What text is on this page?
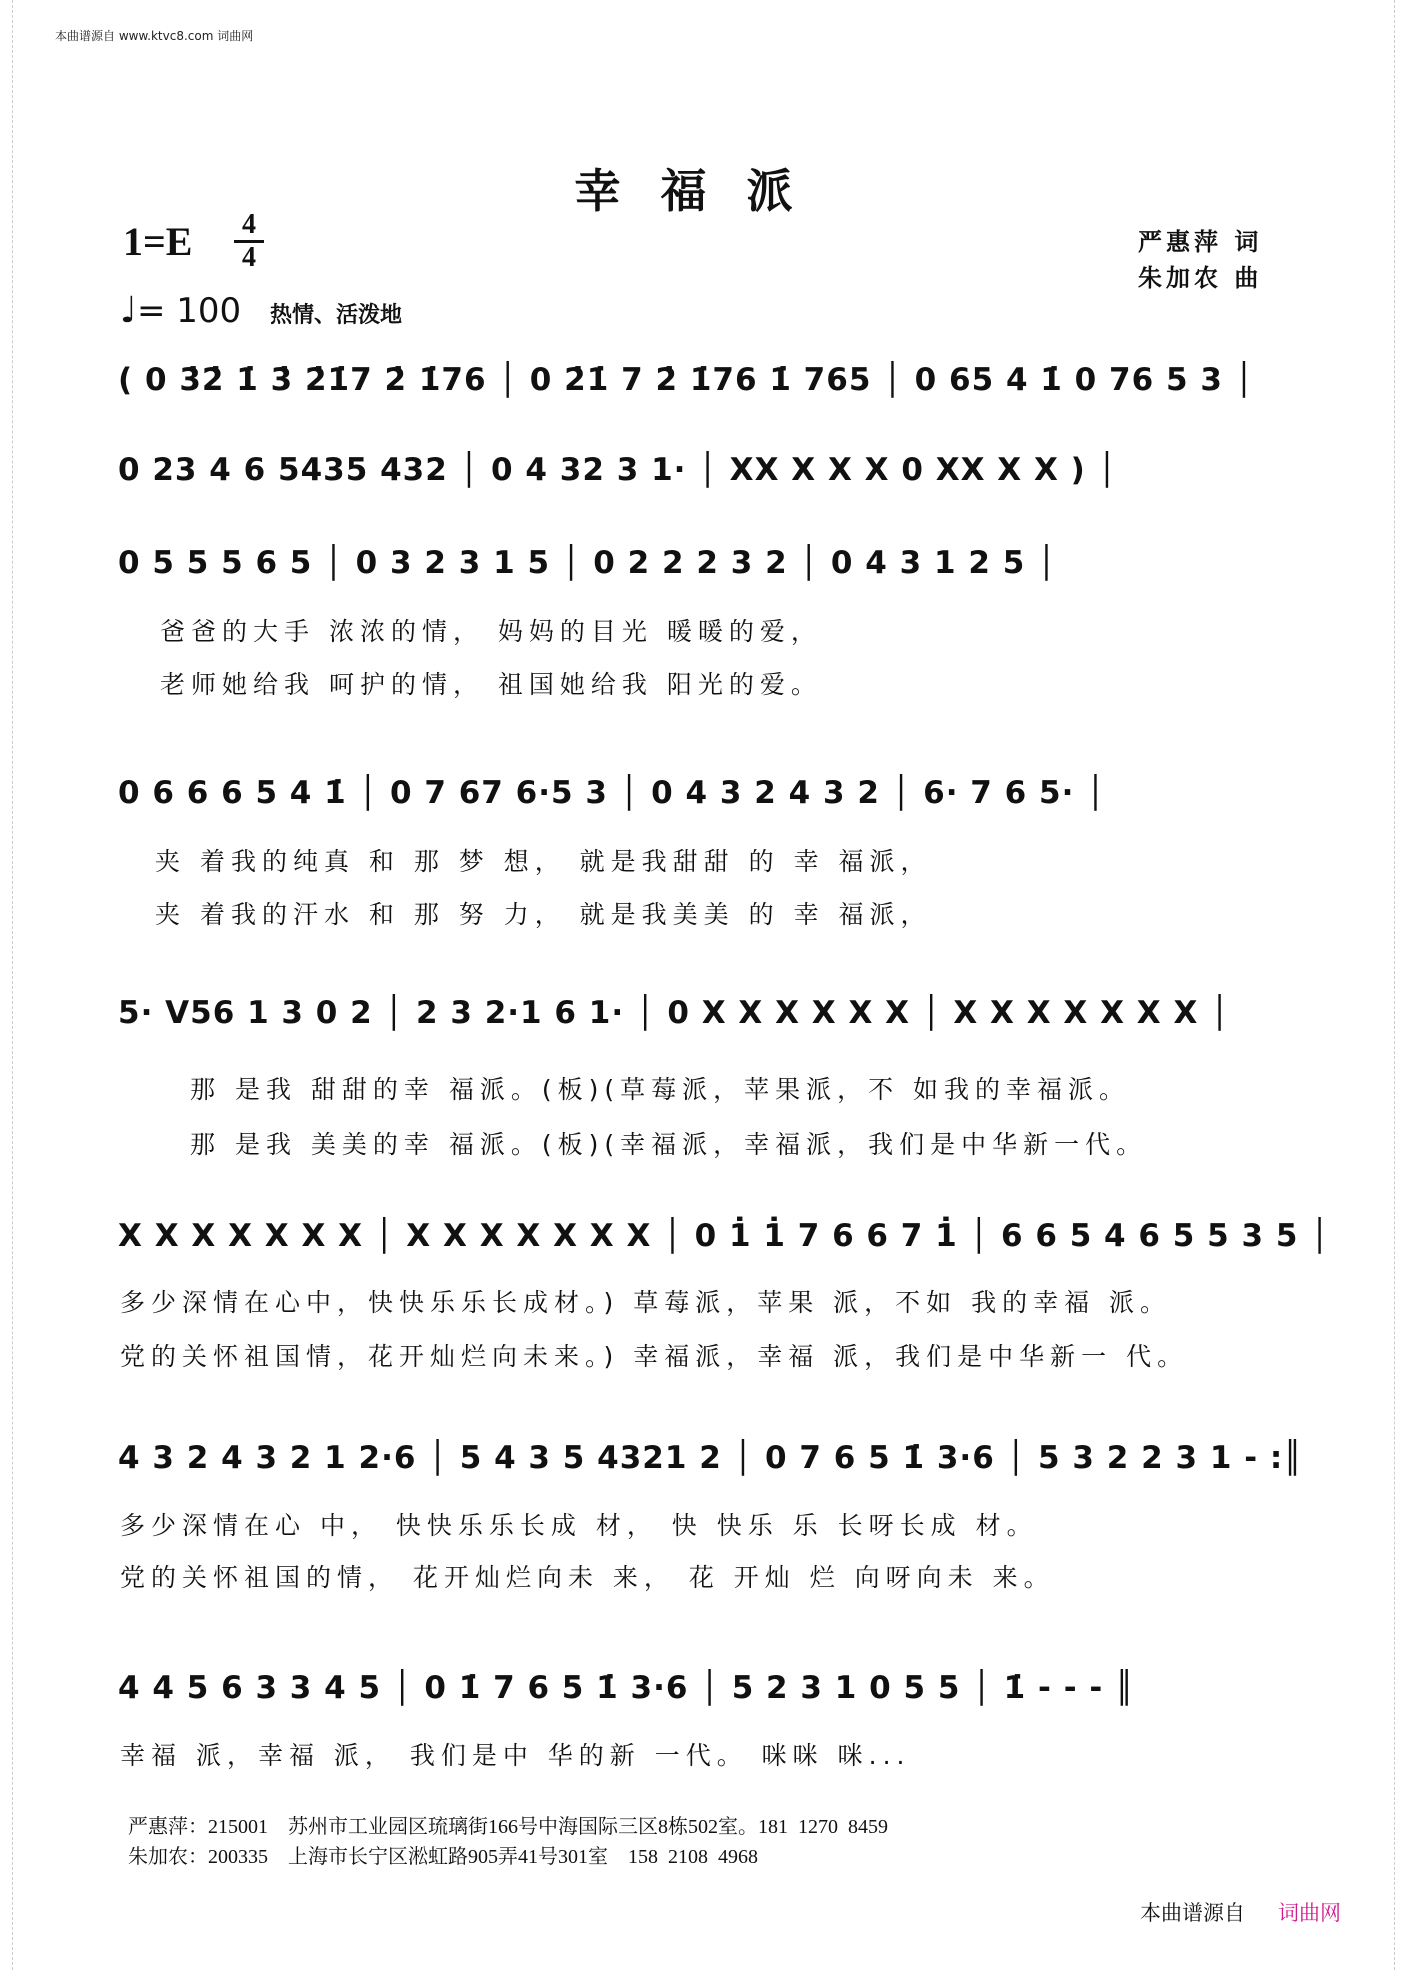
本曲谱源自 www.ktvc8.com 词曲网
幸福派
1=E 4
4
♩= 100 热情、活泼地
严惠萍 词
朱加农 曲
( 0 3̇2̇ 1̇ 3̇ 2̇1̇7 2̇ 1̇76 │ 0 2̇1̇ 7 2̇ 1̇76 1̇ 765 │ 0 65 4 1̇ 0 76 5 3 │
0 23 4 6 5435 432 │ 0 4 32 3 1· │ XX X X X 0 XX X X ) │
0 5 5 5 6 5 │ 0 3 2 3 1 5 │ 0 2 2 2 3 2 │ 0 4 3 1 2 5 │
爸爸的大手 浓浓的情， 妈妈的目光 暖暖的爱，
老师她给我 呵护的情， 祖国她给我 阳光的爱。
0 6 6 6 5 4 1̇ │ 0 7 67 6·5 3 │ 0 4 3 2 4 3 2 │ 6· 7 6 5· │
夹 着我的纯真 和 那 梦 想， 就是我甜甜 的 幸 福派，
夹 着我的汗水 和 那 努 力， 就是我美美 的 幸 福派，
5· V56 1 3 0 2 │ 2 3 2·1 6 1· │ 0 X X X X X X │ X X X X X X X │
那 是我 甜甜的幸 福派。(板)(草莓派，苹果派，不 如我的幸福派。
那 是我 美美的幸 福派。(板)(幸福派，幸福派，我们是中华新一代。
X X X X X X X │ X X X X X X X │ 0 1̇ 1̇ 7 6 6 7 1̇ │ 6 6 5 4 6 5 5 3 5 │
多少深情在心中，快快乐乐长成材。) 草莓派，苹果 派，不如 我的幸福 派。
党的关怀祖国情，花开灿烂向未来。) 幸福派，幸福 派，我们是中华新一 代。
4 3 2 4 3 2 1 2·6 │ 5 4 3 5 4321 2 │ 0 7 6 5 1̇ 3·6 │ 5 3 2 2 3 1 - :║
多少深情在心 中， 快快乐乐长成 材， 快 快乐 乐 长呀长成 材。
党的关怀祖国的情， 花开灿烂向未 来， 花 开灿 烂 向呀向未 来。
4 4 5 6 3 3 4 5 │ 0 1̇ 7 6 5 1̇ 3·6 │ 5 2 3 1 0 5 5 │ 1̇ - - - ║
幸福 派，幸福 派， 我们是中 华的新 一代。 咪咪 咪...
严惠萍：215001    苏州市工业园区琉璃街166号中海国际三区8栋502室。181  1270  8459
朱加农：200335    上海市长宁区淞虹路905弄41号301室    158  2108  4968
本曲谱源自 词曲网
